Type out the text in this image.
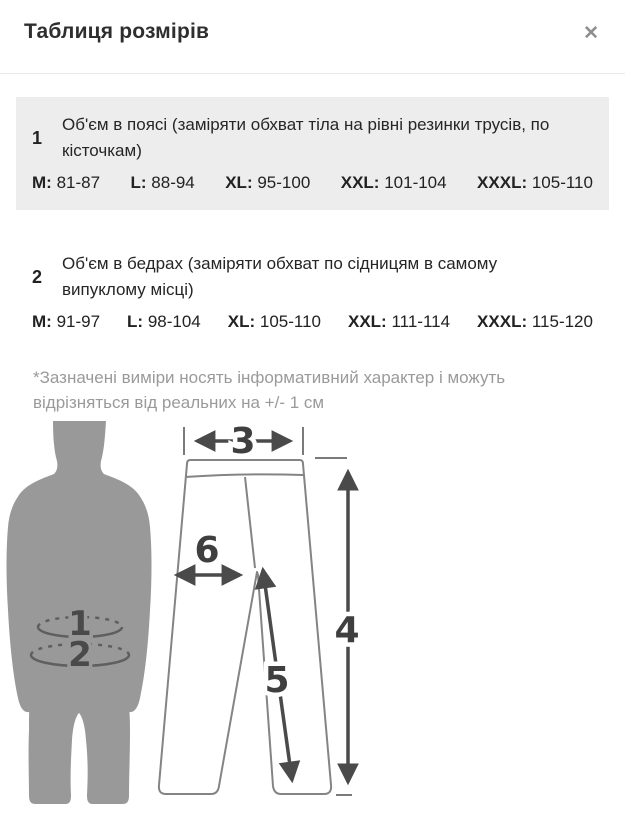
Таблиця розмірів	✕
1
Об'єм в поясі (заміряти обхват тіла на рівні резинки трусів, по кісточкам)
M: 81-87 L: 88-94 XL: 95-100 XXL: 101-104 XXXL: 105-110
2
Об'єм в бедрах (заміряти обхват по сідницям в самому випуклому місці)
M: 91-97 L: 98-104 XL: 105-110 XXL: 111-114 XXXL: 115-120
*Зазначені виміри носять інформативний характер і можуть відрізняться від реальних на +/- 1 см
1
2
3
4
5
6
